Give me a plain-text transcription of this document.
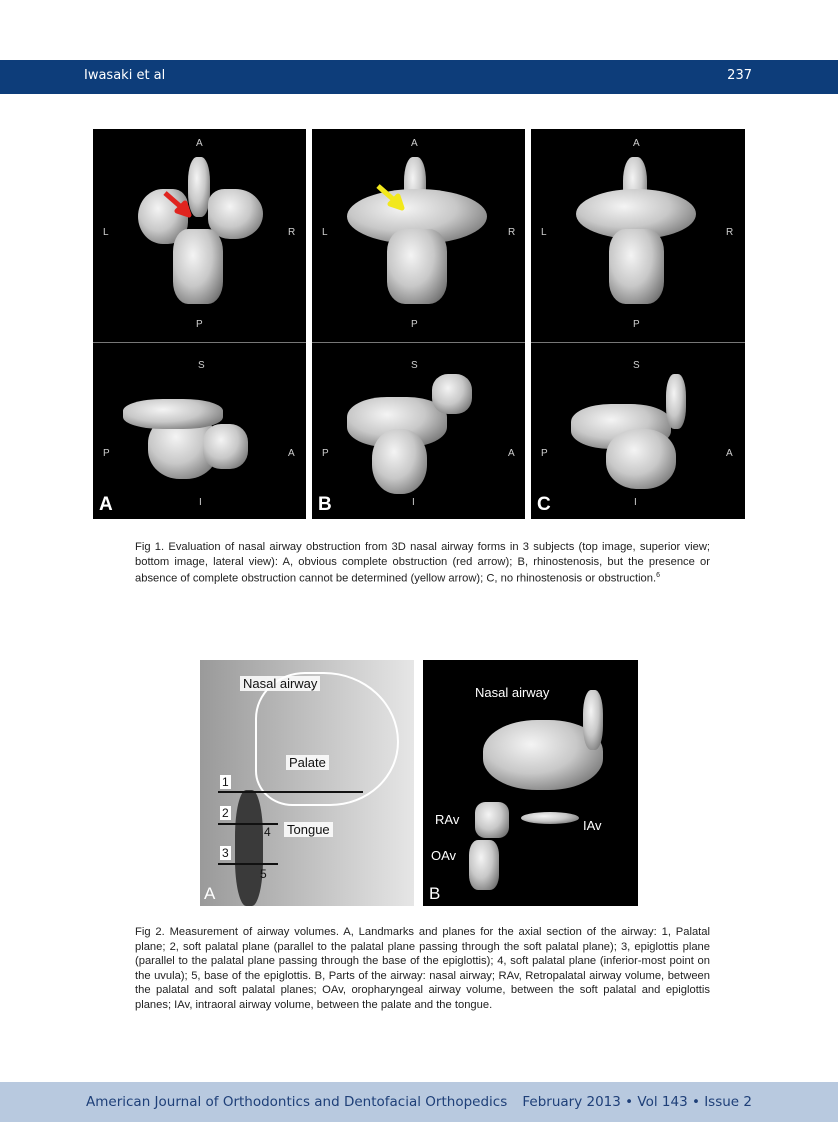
Iwasaki et al	237
A
L	R
P
S
P	A
I
A
A
L	R
P
S
P	A
I
B
A
L	R
P
S
P	A
I
C
Fig 1. Evaluation of nasal airway obstruction from 3D nasal airway forms in 3 subjects (top image, superior view; bottom image, lateral view): A, obvious complete obstruction (red arrow); B, rhinostenosis, but the presence or absence of complete obstruction cannot be determined (yellow arrow); C, no rhinostenosis or obstruction.$^6$
Nasal airway
Palate
Tongue
1
2
3
4
5
A
Nasal airway
RAv	IAv
OAv
B
Fig 2. Measurement of airway volumes. A, Landmarks and planes for the axial section of the airway: 1, Palatal plane; 2, soft palatal plane (parallel to the palatal plane passing through the soft palatal plane); 3, epiglottis plane (parallel to the palatal plane passing through the base of the epiglottis); 4, soft palatal plane (inferior-most point on the uvula); 5, base of the epiglottis. B, Parts of the airway: nasal airway; RAv, Retropalatal airway volume, between the palatal and soft palatal planes; OAv, oropharyngeal airway volume, between the soft palatal and epiglottis planes; IAv, intraoral airway volume, between the palate and the tongue.
American Journal of Orthodontics and Dentofacial Orthopedics February 2013 • Vol 143 • Issue 2
